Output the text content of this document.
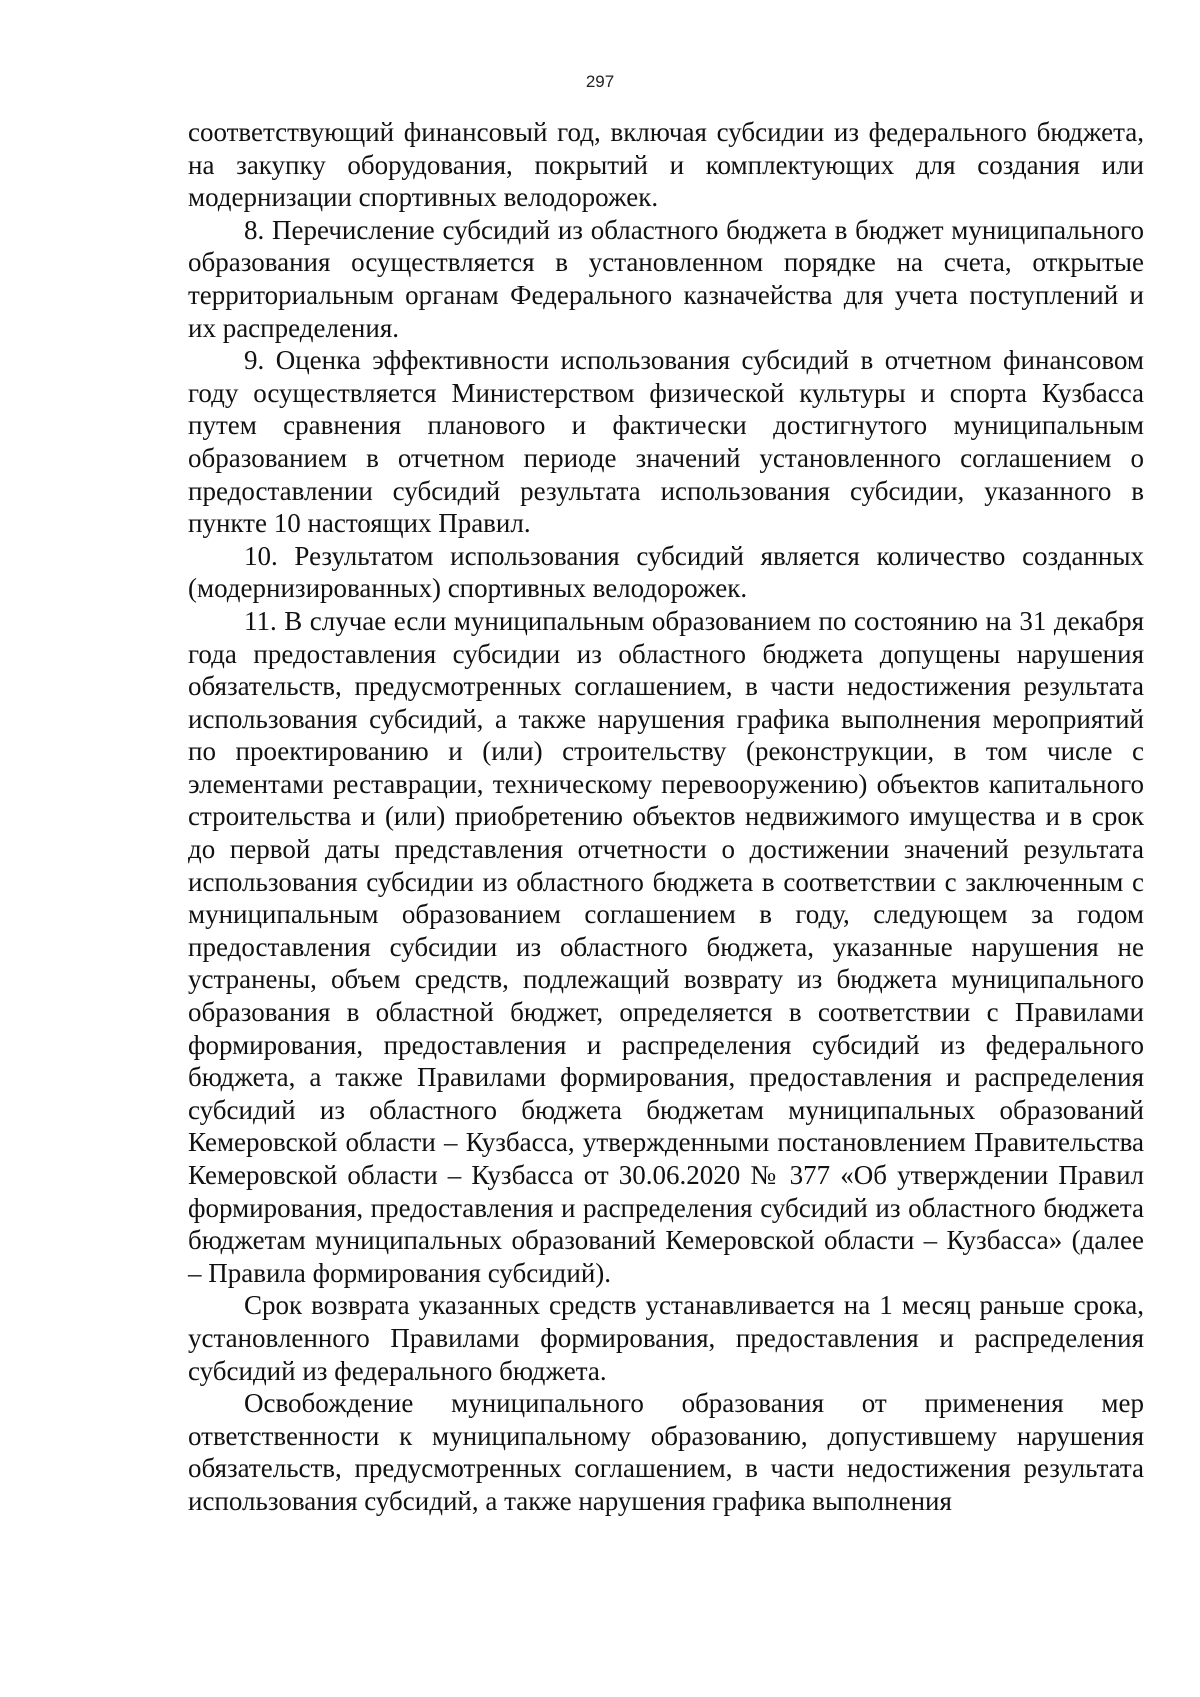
297

соответствующий финансовый год, включая субсидии из федерального бюджета, на закупку оборудования, покрытий и комплектующих для создания или модернизации спортивных велодорожек.

8. Перечисление субсидий из областного бюджета в бюджет муниципального образования осуществляется в установленном порядке на счета, открытые территориальным органам Федерального казначейства для учета поступлений и их распределения.

9. Оценка эффективности использования субсидий в отчетном финансовом году осуществляется Министерством физической культуры и спорта Кузбасса путем сравнения планового и фактически достигнутого муниципальным образованием в отчетном периоде значений установленного соглашением о предоставлении субсидий результата использования субсидии, указанного в пункте 10 настоящих Правил.

10. Результатом использования субсидий является количество созданных (модернизированных) спортивных велодорожек.

11. В случае если муниципальным образованием по состоянию на 31 декабря года предоставления субсидии из областного бюджета допущены нарушения обязательств, предусмотренных соглашением, в части недостижения результата использования субсидий, а также нарушения графика выполнения мероприятий по проектированию и (или) строительству (реконструкции, в том числе с элементами реставрации, техническому перевооружению) объектов капитального строительства и (или) приобретению объектов недвижимого имущества и в срок до первой даты представления отчетности о достижении значений результата использования субсидии из областного бюджета в соответствии с заключенным с муниципальным образованием соглашением в году, следующем за годом предоставления субсидии из областного бюджета, указанные нарушения не устранены, объем средств, подлежащий возврату из бюджета муниципального образования в областной бюджет, определяется в соответствии с Правилами формирования, предоставления и распределения субсидий из федерального бюджета, а также Правилами формирования, предоставления и распределения субсидий из областного бюджета бюджетам муниципальных образований Кемеровской области – Кузбасса, утвержденными постановлением Правительства Кемеровской области – Кузбасса от 30.06.2020 № 377 «Об утверждении Правил формирования, предоставления и распределения субсидий из областного бюджета бюджетам муниципальных образований Кемеровской области – Кузбасса» (далее – Правила формирования субсидий).

Срок возврата указанных средств устанавливается на 1 месяц раньше срока, установленного Правилами формирования, предоставления и распределения субсидий из федерального бюджета.

Освобождение муниципального образования от применения мер ответственности к муниципальному образованию, допустившему нарушения обязательств, предусмотренных соглашением, в части недостижения результата использования субсидий, а также нарушения графика выполнения
